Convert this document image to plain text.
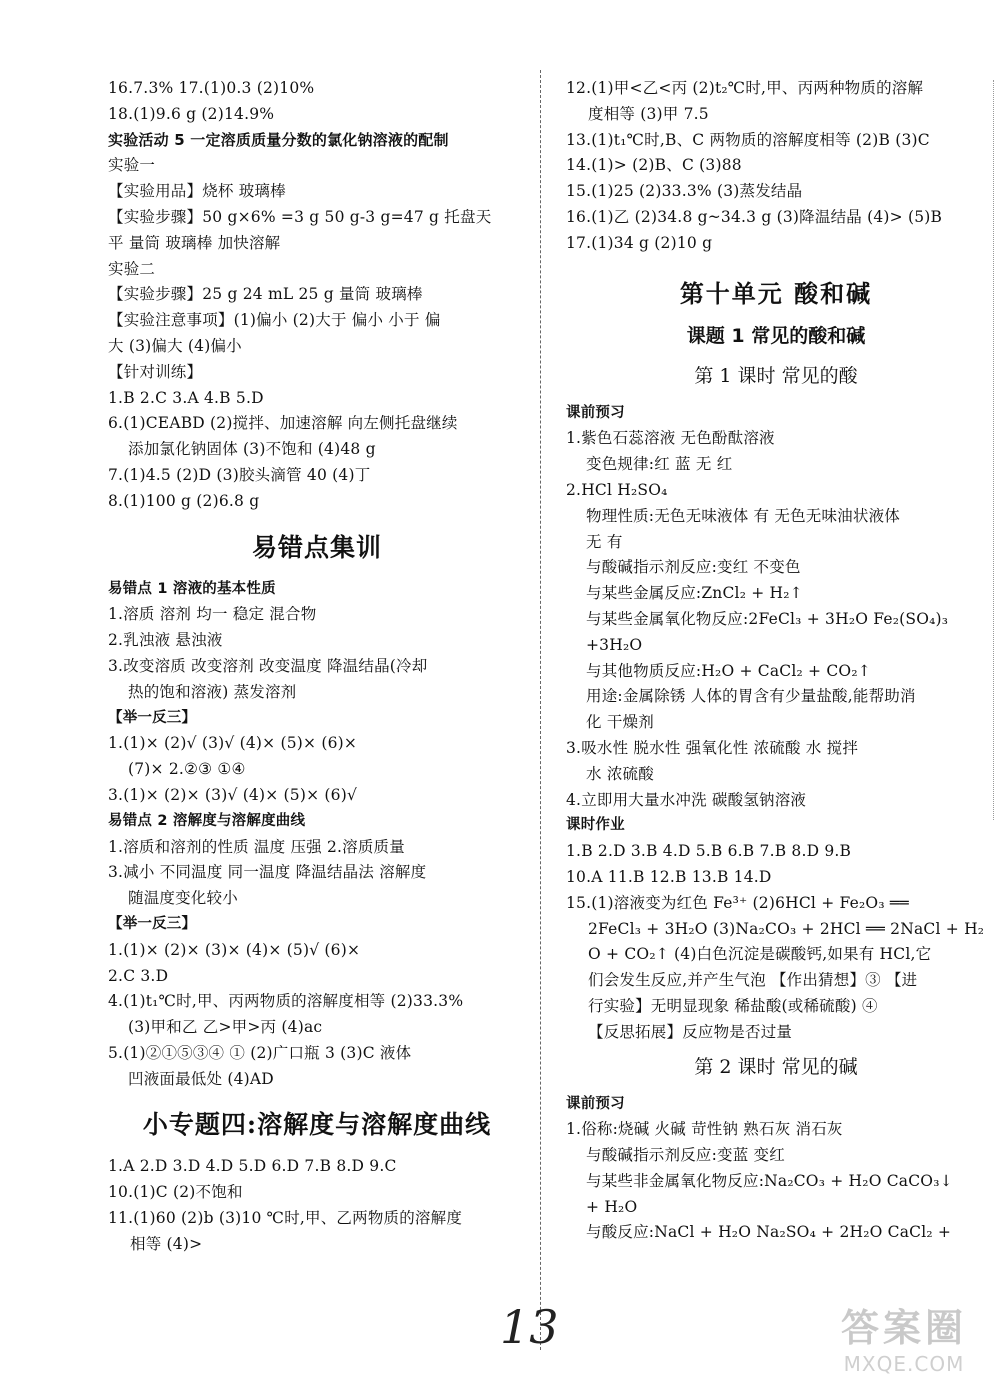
16.7.3% 17.(1)0.3 (2)10%
18.(1)9.6 g (2)14.9%
实验活动 5 一定溶质质量分数的氯化钠溶液的配制
实验一
【实验用品】烧杯 玻璃棒
【实验步骤】50 g×6% =3 g 50 g-3 g=47 g 托盘天
平 量筒 玻璃棒 加快溶解
实验二
【实验步骤】25 g 24 mL 25 g 量筒 玻璃棒
【实验注意事项】(1)偏小 (2)大于 偏小 小于 偏
大 (3)偏大 (4)偏小
【针对训练】
1.B 2.C 3.A 4.B 5.D
6.(1)CEABD (2)搅拌、加速溶解 向左侧托盘继续
添加氯化钠固体 (3)不饱和 (4)48 g
7.(1)4.5 (2)D (3)胶头滴管 40 (4)丁
8.(1)100 g (2)6.8 g
易错点集训
易错点 1 溶液的基本性质
1.溶质 溶剂 均一 稳定 混合物
2.乳浊液 悬浊液
3.改变溶质 改变溶剂 改变温度 降温结晶(冷却
热的饱和溶液) 蒸发溶剂
【举一反三】
1.(1)× (2)√ (3)√ (4)× (5)× (6)×
(7)× 2.②③ ①④
3.(1)× (2)× (3)√ (4)× (5)× (6)√
易错点 2 溶解度与溶解度曲线
1.溶质和溶剂的性质 温度 压强 2.溶质质量
3.减小 不同温度 同一温度 降温结晶法 溶解度
随温度变化较小
【举一反三】
1.(1)× (2)× (3)× (4)× (5)√ (6)×
2.C 3.D
4.(1)t₁℃时,甲、丙两物质的溶解度相等 (2)33.3%
(3)甲和乙 乙>甲>丙 (4)ac
5.(1)②①⑤③④ ① (2)广口瓶 3 (3)C 液体
凹液面最低处 (4)AD
小专题四:溶解度与溶解度曲线
1.A 2.D 3.D 4.D 5.D 6.D 7.B 8.D 9.C
10.(1)C (2)不饱和
11.(1)60 (2)b (3)10 ℃时,甲、乙两物质的溶解度
相等 (4)>
12.(1)甲<乙<丙 (2)t₂℃时,甲、丙两种物质的溶解
度相等 (3)甲 7.5
13.(1)t₁℃时,B、C 两物质的溶解度相等 (2)B (3)C
14.(1)> (2)B、C (3)88
15.(1)25 (2)33.3% (3)蒸发结晶
16.(1)乙 (2)34.8 g~34.3 g (3)降温结晶 (4)> (5)B
17.(1)34 g (2)10 g
第十单元 酸和碱
课题 1 常见的酸和碱
第 1 课时 常见的酸
课前预习
1.紫色石蕊溶液 无色酚酞溶液
变色规律:红 蓝 无 红
2.HCl H₂SO₄
物理性质:无色无味液体 有 无色无味油状液体
无 有
与酸碱指示剂反应:变红 不变色
与某些金属反应:ZnCl₂ + H₂↑
与某些金属氧化物反应:2FeCl₃ + 3H₂O Fe₂(SO₄)₃
+3H₂O
与其他物质反应:H₂O + CaCl₂ + CO₂↑
用途:金属除锈 人体的胃含有少量盐酸,能帮助消
化 干燥剂
3.吸水性 脱水性 强氧化性 浓硫酸 水 搅拌
水 浓硫酸
4.立即用大量水冲洗 碳酸氢钠溶液
课时作业
1.B 2.D 3.B 4.D 5.B 6.B 7.B 8.D 9.B
10.A 11.B 12.B 13.B 14.D
15.(1)溶液变为红色 Fe³⁺ (2)6HCl + Fe₂O₃ ══
2FeCl₃ + 3H₂O (3)Na₂CO₃ + 2HCl ══ 2NaCl + H₂
O + CO₂↑ (4)白色沉淀是碳酸钙,如果有 HCl,它
们会发生反应,并产生气泡 【作出猜想】③ 【进
行实验】无明显现象 稀盐酸(或稀硫酸) ④
【反思拓展】反应物是否过量
第 2 课时 常见的碱
课前预习
1.俗称:烧碱 火碱 苛性钠 熟石灰 消石灰
与酸碱指示剂反应:变蓝 变红
与某些非金属氧化物反应:Na₂CO₃ + H₂O CaCO₃↓
+ H₂O
与酸反应:NaCl + H₂O Na₂SO₄ + 2H₂O CaCl₂ +
13	答案圈
MXQE.COM
